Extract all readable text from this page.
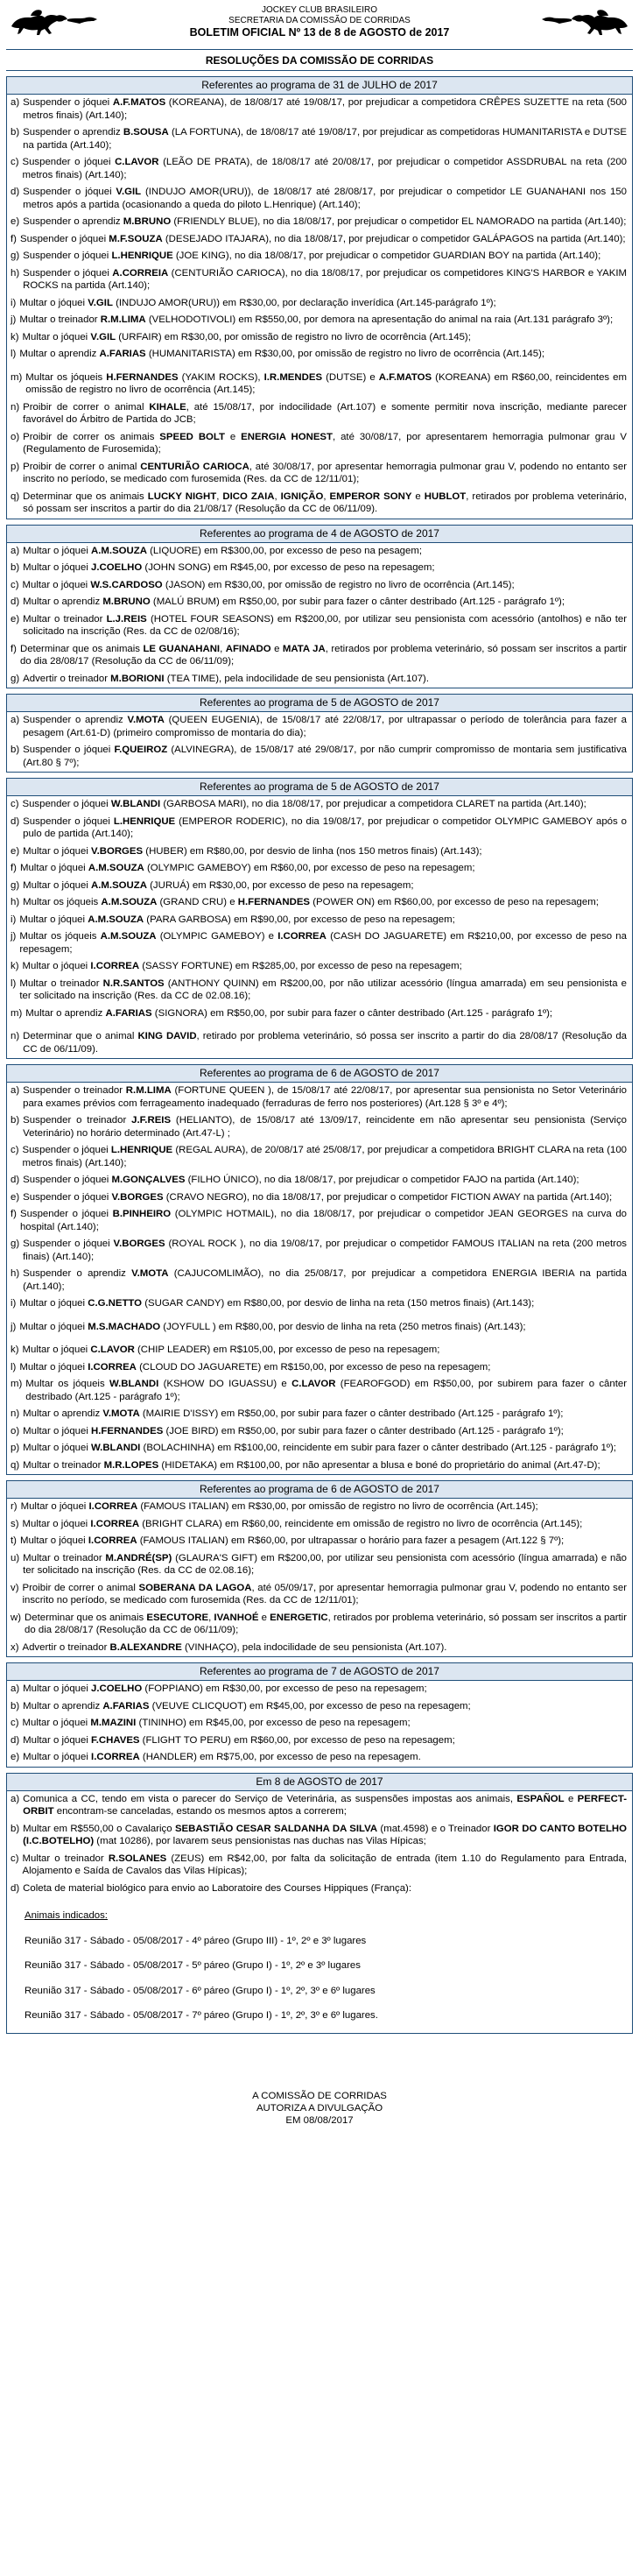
JOCKEY CLUB BRASILEIRO
SECRETARIA DA COMISSÃO DE CORRIDAS
BOLETIM OFICIAL Nº 13 de 8 de AGOSTO de 2017
RESOLUÇÕES DA COMISSÃO DE CORRIDAS
Referentes ao programa de 31 de JULHO de 2017
a) Suspender o jóquei A.F.MATOS (KOREANA), de 18/08/17 até 19/08/17, por prejudicar a competidora CRÊPES SUZETTE na reta (500 metros finais) (Art.140);
b) Suspender o aprendiz B.SOUSA (LA FORTUNA), de 18/08/17 até 19/08/17, por prejudicar as competidoras HUMANITARISTA e DUTSE na partida (Art.140);
c) Suspender o jóquei C.LAVOR (LEÃO DE PRATA), de 18/08/17 até 20/08/17, por prejudicar o competidor ASSDRUBAL na reta (200 metros finais) (Art.140);
d) Suspender o jóquei V.GIL (INDUJO AMOR(URU)), de 18/08/17 até 28/08/17, por prejudicar o competidor LE GUANAHANI nos 150 metros após a partida (ocasionando a queda do piloto L.Henrique) (Art.140);
e) Suspender o aprendiz M.BRUNO (FRIENDLY BLUE), no dia 18/08/17, por prejudicar o competidor EL NAMORADO na partida (Art.140);
f) Suspender o jóquei M.F.SOUZA (DESEJADO ITAJARA), no dia 18/08/17, por prejudicar o competidor GALÁPAGOS na partida (Art.140);
g) Suspender o jóquei L.HENRIQUE (JOE KING), no dia 18/08/17, por prejudicar o competidor GUARDIAN BOY na partida (Art.140);
h) Suspender o jóquei A.CORREIA (CENTURIÃO CARIOCA), no dia 18/08/17, por prejudicar os competidores KING'S HARBOR e YAKIM ROCKS na partida (Art.140);
i) Multar o jóquei V.GIL (INDUJO AMOR(URU)) em R$30,00, por declaração inverídica (Art.145-parágrafo 1º);
j) Multar o treinador R.M.LIMA (VELHODOTIVOLI) em R$550,00, por demora na apresentação do animal na raia (Art.131 parágrafo 3º);
k) Multar o jóquei V.GIL (URFAIR) em R$30,00, por omissão de registro no livro de ocorrência (Art.145);
l) Multar o aprendiz A.FARIAS (HUMANITARISTA) em R$30,00, por omissão de registro no livro de ocorrência (Art.145);
m) Multar os jóqueis H.FERNANDES (YAKIM ROCKS), I.R.MENDES (DUTSE) e A.F.MATOS (KOREANA) em R$60,00, reincidentes em omissão de registro no livro de ocorrência (Art.145);
n) Proibir de correr o animal KIHALE, até 15/08/17, por indocilidade (Art.107) e somente permitir nova inscrição, mediante parecer favorável do Árbitro de Partida do JCB;
o) Proibir de correr os animais SPEED BOLT e ENERGIA HONEST, até 30/08/17, por apresentarem hemorragia pulmonar grau V (Regulamento de Furosemida);
p) Proibir de correr o animal CENTURIÃO CARIOCA, até 30/08/17, por apresentar hemorragia pulmonar grau V, podendo no entanto ser inscrito no período, se medicado com furosemida (Res. da CC de 12/11/01);
q) Determinar que os animais LUCKY NIGHT, DICO ZAIA, IGNIÇÃO, EMPEROR SONY e HUBLOT, retirados por problema veterinário, só possam ser inscritos a partir do dia 21/08/17 (Resolução da CC de 06/11/09).
Referentes ao programa de 4 de AGOSTO de 2017
a) Multar o jóquei A.M.SOUZA (LIQUORE) em R$300,00, por excesso de peso na pesagem;
b) Multar o jóquei J.COELHO (JOHN SONG) em R$45,00, por excesso de peso na repesagem;
c) Multar o jóquei W.S.CARDOSO (JASON) em R$30,00, por omissão de registro no livro de ocorrência (Art.145);
d) Multar o aprendiz M.BRUNO (MALÚ BRUM) em R$50,00, por subir para fazer o cânter destribado (Art.125 - parágrafo 1º);
e) Multar o treinador L.J.REIS (HOTEL FOUR SEASONS) em R$200,00, por utilizar seu pensionista com acessório (antolhos) e não ter solicitado na inscrição (Res. da CC de 02/08/16);
f) Determinar que os animais LE GUANAHANI, AFINADO e MATA JA, retirados por problema veterinário, só possam ser inscritos a partir do dia 28/08/17 (Resolução da CC de 06/11/09);
g) Advertir o treinador M.BORIONI (TEA TIME), pela indocilidade de seu pensionista (Art.107).
Referentes ao programa de 5 de AGOSTO de 2017
a) Suspender o aprendiz V.MOTA (QUEEN EUGENIA), de 15/08/17 até 22/08/17, por ultrapassar o período de tolerância para fazer a pesagem (Art.61-D) (primeiro compromisso de montaria do dia);
b) Suspender o jóquei F.QUEIROZ (ALVINEGRA), de 15/08/17 até 29/08/17, por não cumprir compromisso de montaria sem justificativa (Art.80 § 7º);
Referentes ao programa de 5 de AGOSTO de 2017
c) Suspender o jóquei W.BLANDI (GARBOSA MARI), no dia 18/08/17, por prejudicar a competidora CLARET na partida (Art.140);
d) Suspender o jóquei L.HENRIQUE (EMPEROR RODERIC), no dia 19/08/17, por prejudicar o competidor OLYMPIC GAMEBOY após o pulo de partida (Art.140);
e) Multar o jóquei V.BORGES (HUBER) em R$80,00, por desvio de linha (nos 150 metros finais) (Art.143);
f) Multar o jóquei A.M.SOUZA (OLYMPIC GAMEBOY) em R$60,00, por excesso de peso na repesagem;
g) Multar o jóquei A.M.SOUZA (JURUÁ) em R$30,00, por excesso de peso na repesagem;
h) Multar os jóqueis A.M.SOUZA (GRAND CRU) e H.FERNANDES (POWER ON) em R$60,00, por excesso de peso na repesagem;
i) Multar o jóquei A.M.SOUZA (PARA GARBOSA) em R$90,00, por excesso de peso na repesagem;
j) Multar os jóqueis A.M.SOUZA (OLYMPIC GAMEBOY) e I.CORREA (CASH DO JAGUARETE) em R$210,00, por excesso de peso na repesagem;
k) Multar o jóquei I.CORREA (SASSY FORTUNE) em R$285,00, por excesso de peso na repesagem;
l) Multar o treinador N.R.SANTOS (ANTHONY QUINN) em R$200,00, por não utilizar acessório (língua amarrada) em seu pensionista e ter solicitado na inscrição (Res. da CC de 02.08.16);
m) Multar o aprendiz A.FARIAS (SIGNORA) em R$50,00, por subir para fazer o cânter destribado (Art.125 - parágrafo 1º);
n) Determinar que o animal KING DAVID, retirado por problema veterinário, só possa ser inscrito a partir do dia 28/08/17 (Resolução da CC de 06/11/09).
Referentes ao programa de 6 de AGOSTO de 2017
a) Suspender o treinador R.M.LIMA (FORTUNE QUEEN ), de 15/08/17 até 22/08/17, por apresentar sua pensionista no Setor Veterinário para exames prévios com ferrageamento inadequado (ferraduras de ferro nos posteriores) (Art.128 § 3º e 4º);
b) Suspender o treinador J.F.REIS (HELIANTO), de 15/08/17 até 13/09/17, reincidente em não apresentar seu pensionista (Serviço Veterinário) no horário determinado (Art.47-L) ;
c) Suspender o jóquei L.HENRIQUE (REGAL AURA), de 20/08/17 até 25/08/17, por prejudicar a competidora BRIGHT CLARA na reta (100 metros finais) (Art.140);
d) Suspender o jóquei M.GONÇALVES (FILHO ÚNICO), no dia 18/08/17, por prejudicar o competidor FAJO na partida (Art.140);
e) Suspender o jóquei V.BORGES (CRAVO NEGRO), no dia 18/08/17, por prejudicar o competidor FICTION AWAY na partida (Art.140);
f) Suspender o jóquei B.PINHEIRO (OLYMPIC HOTMAIL), no dia 18/08/17, por prejudicar o competidor JEAN GEORGES na curva do hospital (Art.140);
g) Suspender o jóquei V.BORGES (ROYAL ROCK ), no dia 19/08/17, por prejudicar o competidor FAMOUS ITALIAN na reta (200 metros finais) (Art.140);
h) Suspender o aprendiz V.MOTA (CAJUCOMLIMÃO), no dia 25/08/17, por prejudicar a competidora ENERGIA IBERIA na partida (Art.140);
i) Multar o jóquei C.G.NETTO (SUGAR CANDY) em R$80,00, por desvio de linha na reta (150 metros finais) (Art.143);
j) Multar o jóquei M.S.MACHADO (JOYFULL ) em R$80,00, por desvio de linha na reta (250 metros finais) (Art.143);
k) Multar o jóquei C.LAVOR (CHIP LEADER) em R$105,00, por excesso de peso na repesagem;
l) Multar o jóquei I.CORREA (CLOUD DO JAGUARETE) em R$150,00, por excesso de peso na repesagem;
m) Multar os jóqueis W.BLANDI (KSHOW DO IGUASSU) e C.LAVOR (FEAROFGOD) em R$50,00, por subirem para fazer o cânter destribado (Art.125 - parágrafo 1º);
n) Multar o aprendiz V.MOTA (MAIRIE D'ISSY) em R$50,00, por subir para fazer o cânter destribado (Art.125 - parágrafo 1º);
o) Multar o jóquei H.FERNANDES (JOE BIRD) em R$50,00, por subir para fazer o cânter destribado (Art.125 - parágrafo 1º);
p) Multar o jóquei W.BLANDI (BOLACHINHA) em R$100,00, reincidente em subir para fazer o cânter destribado (Art.125 - parágrafo 1º);
q) Multar o treinador M.R.LOPES (HIDETAKA) em R$100,00, por não apresentar a blusa e boné do proprietário do animal (Art.47-D);
Referentes ao programa de 6 de AGOSTO de 2017
r) Multar o jóquei I.CORREA (FAMOUS ITALIAN) em R$30,00, por omissão de registro no livro de ocorrência (Art.145);
s) Multar o jóquei I.CORREA (BRIGHT CLARA) em R$60,00, reincidente em omissão de registro no livro de ocorrência (Art.145);
t) Multar o jóquei I.CORREA (FAMOUS ITALIAN) em R$60,00, por ultrapassar o horário para fazer a pesagem (Art.122 § 7º);
u) Multar o treinador M.ANDRÉ(SP) (GLAURA'S GIFT) em R$200,00, por utilizar seu pensionista com acessório (língua amarrada) e não ter solicitado na inscrição (Res. da CC de 02.08.16);
v) Proibir de correr o animal SOBERANA DA LAGOA, até 05/09/17, por apresentar hemorragia pulmonar grau V, podendo no entanto ser inscrito no período, se medicado com furosemida (Res. da CC de 12/11/01);
w) Determinar que os animais ESECUTORE, IVANHOÉ e ENERGETIC, retirados por problema veterinário, só possam ser inscritos a partir do dia 28/08/17 (Resolução da CC de 06/11/09);
x) Advertir o treinador B.ALEXANDRE (VINHAÇO), pela indocilidade de seu pensionista (Art.107).
Referentes ao programa de 7 de AGOSTO de 2017
a) Multar o jóquei J.COELHO (FOPPIANO) em R$30,00, por excesso de peso na repesagem;
b) Multar o aprendiz A.FARIAS (VEUVE CLICQUOT) em R$45,00, por excesso de peso na repesagem;
c) Multar o jóquei M.MAZINI (TININHO) em R$45,00, por excesso de peso na repesagem;
d) Multar o jóquei F.CHAVES (FLIGHT TO PERU) em R$60,00, por excesso de peso na repesagem;
e) Multar o jóquei I.CORREA (HANDLER) em R$75,00, por excesso de peso na repesagem.
Em 8 de AGOSTO de 2017
a) Comunica a CC, tendo em vista o parecer do Serviço de Veterinária, as suspensões impostas aos animais, ESPAÑOL e PERFECT-ORBIT encontram-se canceladas, estando os mesmos aptos a correrem;
b) Multar em R$550,00 o Cavalariço SEBASTIÃO CESAR SALDANHA DA SILVA (mat.4598) e o Treinador IGOR DO CANTO BOTELHO (I.C.BOTELHO) (mat 10286), por lavarem seus pensionistas nas duchas nas Vilas Hípicas;
c) Multar o treinador R.SOLANES (ZEUS) em R$42,00, por falta da solicitação de entrada (item 1.10 do Regulamento para Entrada, Alojamento e Saída de Cavalos das Vilas Hípicas);
d) Coleta de material biológico para envio ao Laboratoire des Courses Hippiques (França):
Animais indicados:
Reunião 317 - Sábado - 05/08/2017 - 4º páreo (Grupo III) - 1º, 2º e 3º lugares
Reunião 317 - Sábado - 05/08/2017 - 5º páreo (Grupo I) - 1º, 2º e 3º lugares
Reunião 317 - Sábado - 05/08/2017 - 6º páreo (Grupo I) - 1º, 2º, 3º e 6º lugares
Reunião 317 - Sábado - 05/08/2017 - 7º páreo (Grupo I) - 1º, 2º, 3º e 6º lugares.
A COMISSÃO DE CORRIDAS
AUTORIZA A DIVULGAÇÃO
EM 08/08/2017
